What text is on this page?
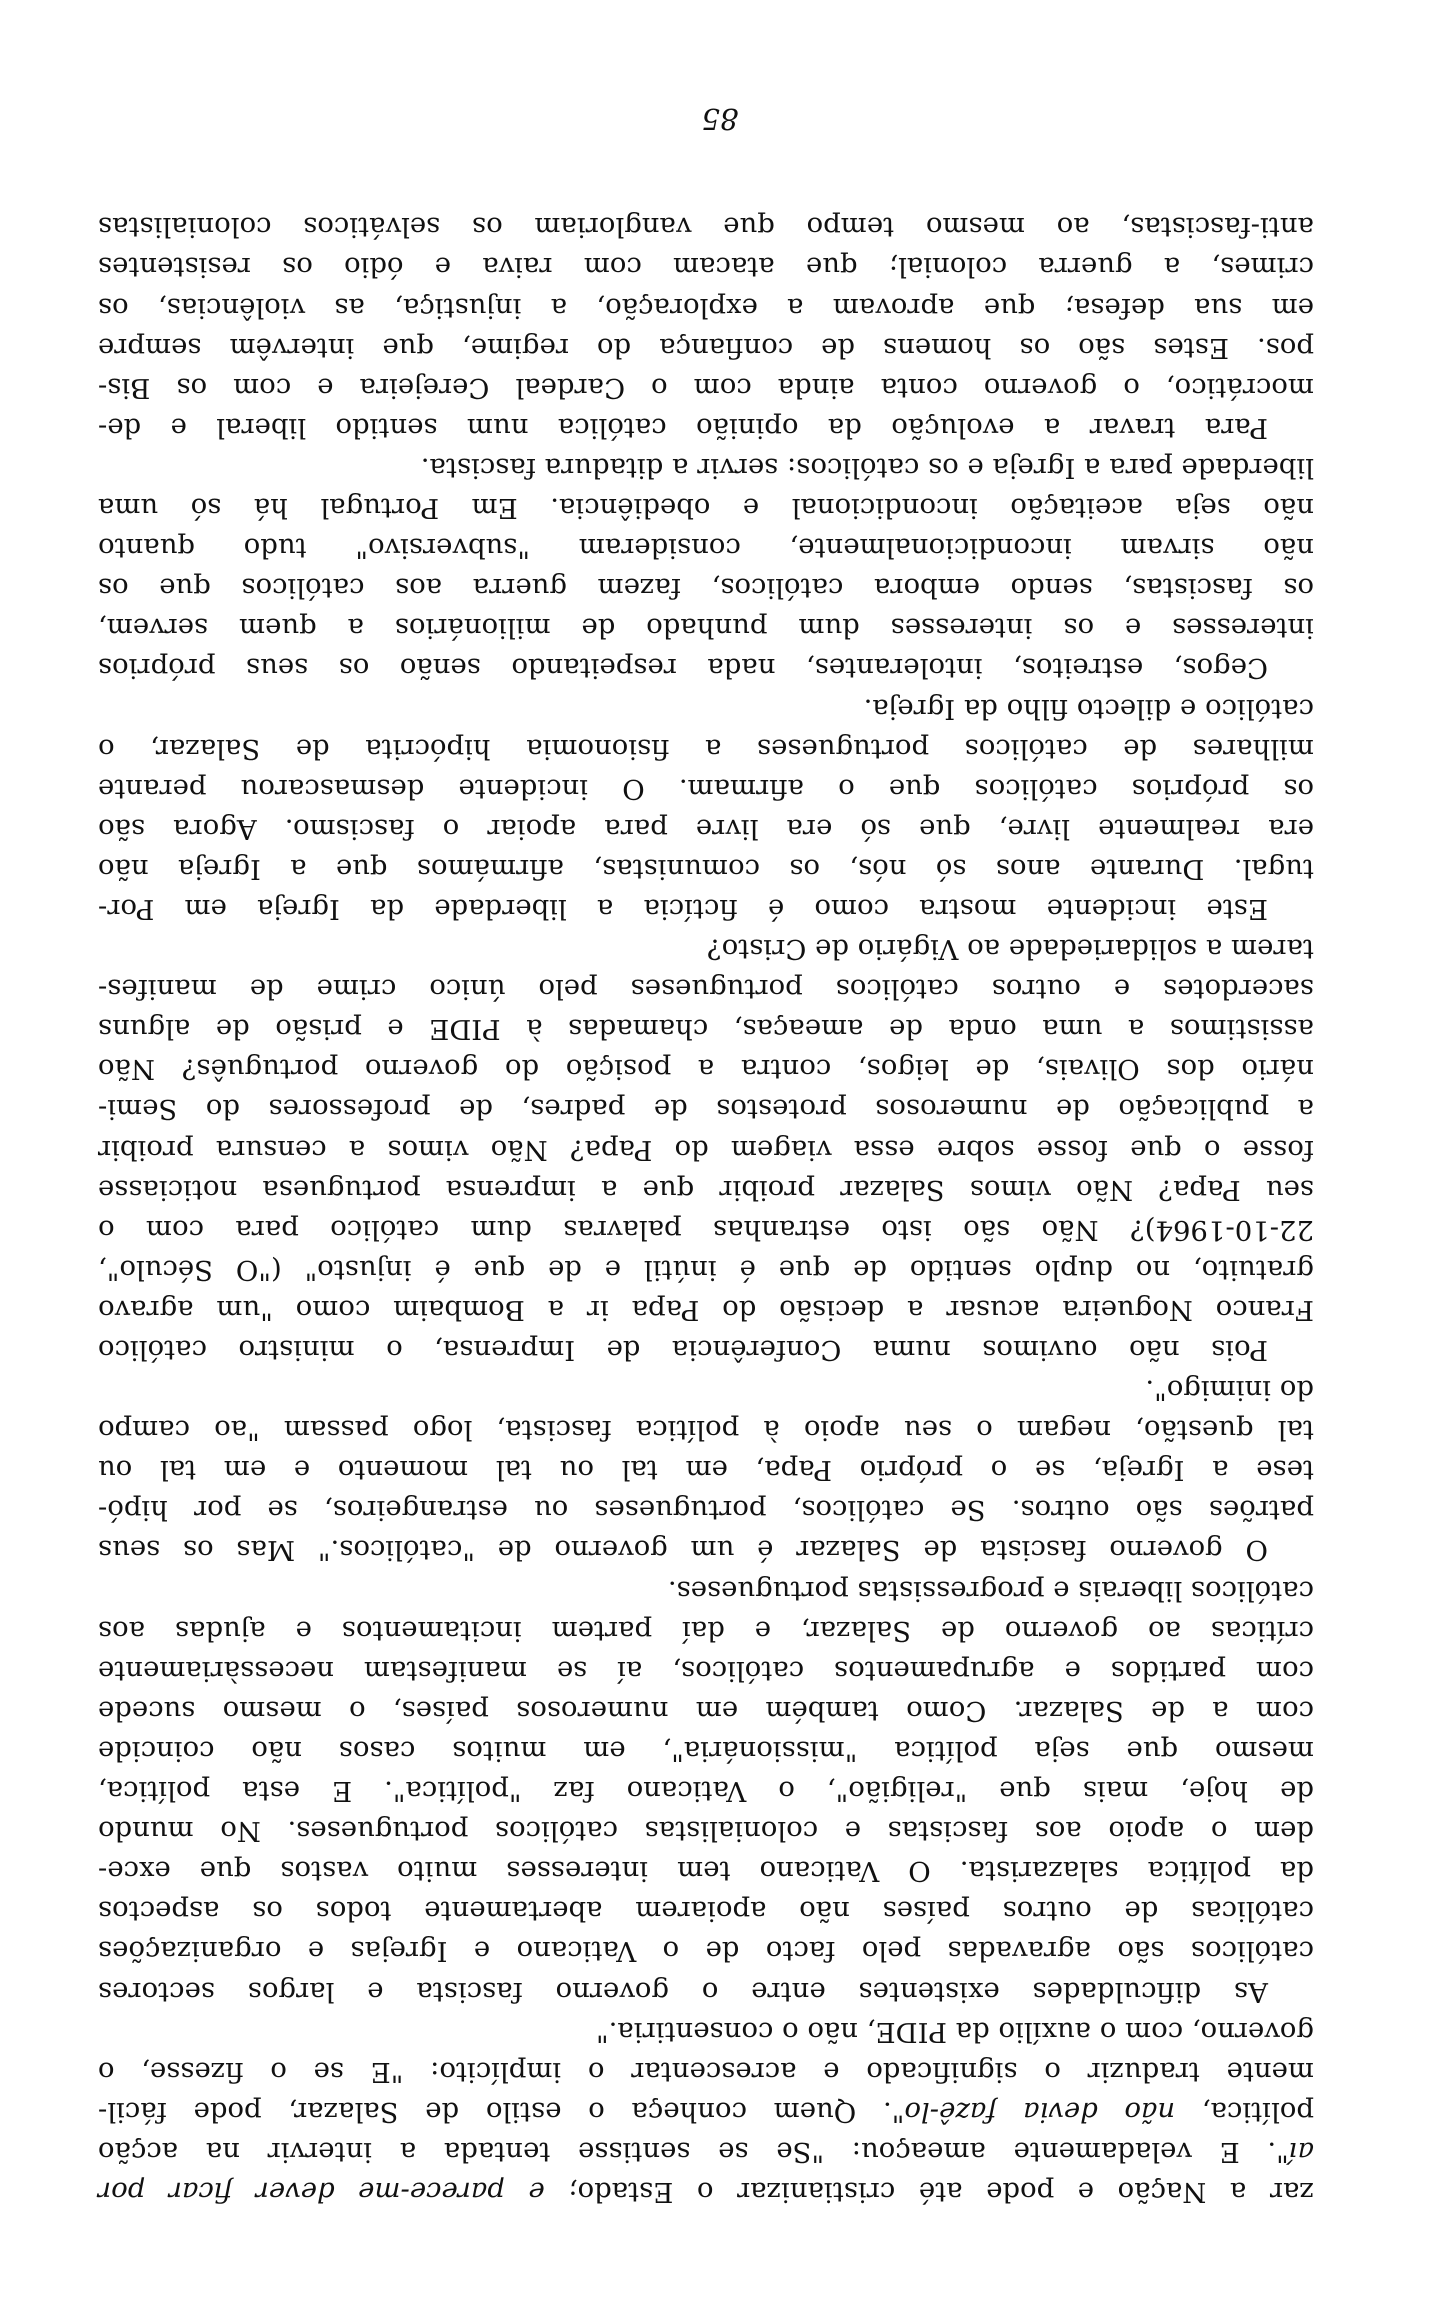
zar a Nação e pode até cristianizar o Estado; e parece-me dever ficar por
aí". E veladamente ameaçou: "Se se sentisse tentada a intervir na acção
política, não devia fazê-lo". Quem conheça o estilo de Salazar, pode fácil-
mente traduzir o significado e acrescentar o implícito: "E se o fizesse, o
governo, com o auxílio da PIDE, não o consentiria."
As dificuldades existentes entre o governo fascista e largos sectores
católicos são agravadas pelo facto de o Vaticano e Igrejas e organizações
católicas de outros países não apoiarem abertamente todos os aspectos
da política salazarista. O Vaticano tem interesses muito vastos que exce-
dem o apoio aos fascistas e colonialistas católicos portugueses. No mundo
de hoje, mais que "religião", o Vaticano faz "política". E esta política,
mesmo que seja política "missionária", em muitos casos não coincide
com a de Salazar. Como também em numerosos países, o mesmo sucede
com partidos e agrupamentos católicos, aí se manifestam necessàriamente
críticas ao governo de Salazar, e daí partem incitamentos e ajudas aos
católicos liberais e progressistas portugueses.
O governo fascista de Salazar é um governo de "católicos." Mas os seus
patrões são outros. Se católicos, portugueses ou estrangeiros, se por hipó-
tese a Igreja, se o próprio Papa, em tal ou tal momento e em tal ou
tal questão, negam o seu apoio à política fascista, logo passam "ao campo
do inimigo".
Pois não ouvimos numa Conferência de Imprensa, o ministro católico
Franco Nogueira acusar a decisão do Papa ir a Bombaim como "um agravo
gratuito, no duplo sentido de que é inútil e de que é injusto" ("O Século",
22-10-1964)? Não são isto estranhas palavras dum católico para com o
seu Papa? Não vimos Salazar proibir que a imprensa portuguesa noticiasse
fosse o que fosse sobre essa viagem do Papa? Não vimos a censura proibir
a publicação de numerosos protestos de padres, de professores do Semi-
nário dos Olivais, de leigos, contra a posição do governo português? Não
assistimos a uma onda de ameaças, chamadas à PIDE e prisão de alguns
sacerdotes e outros católicos portugueses pelo único crime de manifes-
tarem a solidariedade ao Vigário de Cristo?
Este incidente mostra como é fictícia a liberdade da Igreja em Por-
tugal. Durante anos só nós, os comunistas, afirmámos que a Igreja não
era realmente livre, que só era livre para apoiar o fascismo. Agora são
os próprios católicos que o afirmam. O incidente desmascarou perante
milhares de católicos portugueses a fisionomia hipócrita de Salazar, o
católico e dilecto filho da Igreja.
Cegos, estreitos, intolerantes, nada respeitando senão os seus próprios
interesses e os interesses dum punhado de milionários a quem servem,
os fascistas, sendo embora católicos, fazem guerra aos católicos que os
não sirvam incondicionalmente, consideram "subversivo" tudo quanto
não seja aceitação incondicional e obediência. Em Portugal há só uma
liberdade para a Igreja e os católicos: servir a ditadura fascista.
Para travar a evolução da opinião católica num sentido liberal e de-
mocrático, o governo conta ainda com o Cardeal Cerejeira e com os Bis-
pos. Estes são os homens de confiança do regime, que intervêm sempre
em sua defesa; que aprovam a exploração, a injustiça, as violências, os
crimes, a guerra colonial; que atacam com raiva e ódio os resistentes
anti-fascistas, ao mesmo tempo que vangloriam os selváticos colonialistas
85
